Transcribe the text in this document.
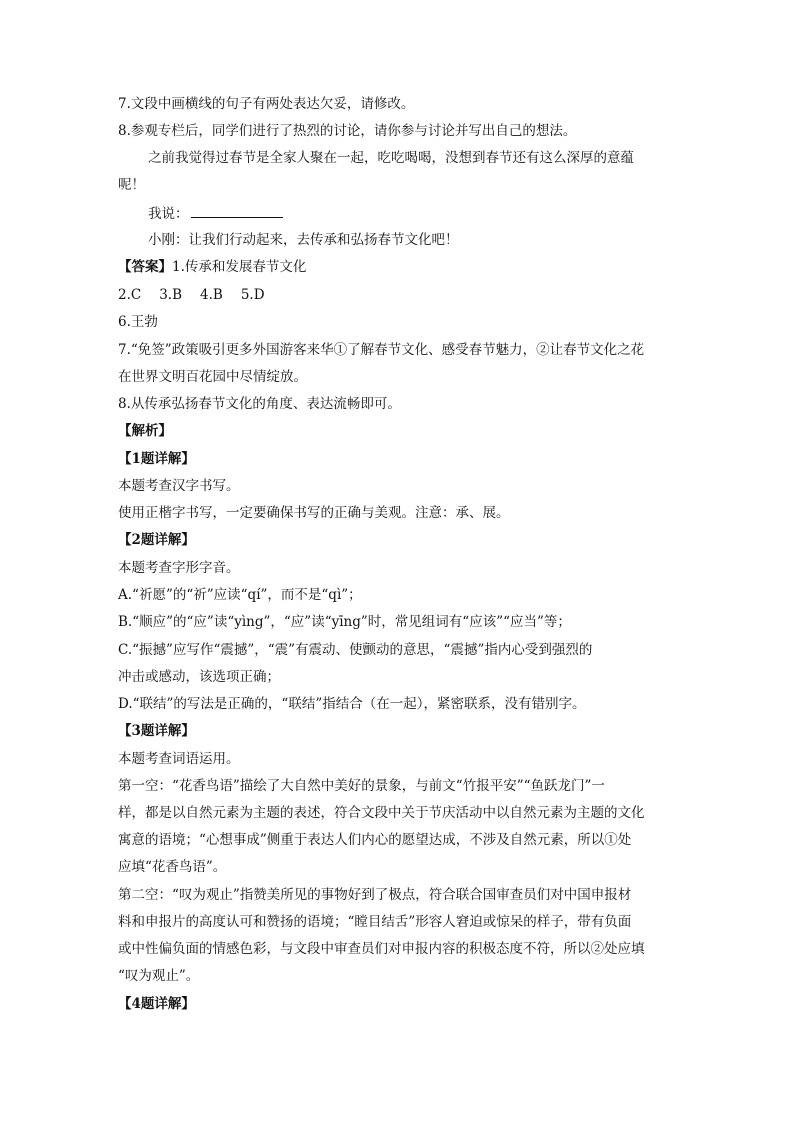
7.文段中画横线的句子有两处表达欠妥，请修改。
8.参观专栏后，同学们进行了热烈的讨论，请你参与讨论并写出自己的想法。
之前我觉得过春节是全家人聚在一起，吃吃喝喝，没想到春节还有这么深厚的意蕴
呢！
我说：
小刚：让我们行动起来，去传承和弘扬春节文化吧！
【答案】1.传承和发展春节文化
2.C 3.B 4.B 5.D
6.王勃
7.“免签”政策吸引更多外国游客来华①了解春节文化、感受春节魅力，②让春节文化之花
在世界文明百花园中尽情绽放。
8.从传承弘扬春节文化的角度、表达流畅即可。
【解析】
【1题详解】
本题考查汉字书写。
使用正楷字书写，一定要确保书写的正确与美观。注意：承、展。
【2题详解】
本题考查字形字音。
A.“祈愿”的“祈”应读“qí”，而不是“qì”；
B.“顺应”的“应”读“yìng”，“应”读“yīng”时，常见组词有“应该”“应当”等；
C.“振撼”应写作“震撼”，“震”有震动、使颤动的意思，“震撼”指内心受到强烈的
冲击或感动，该选项正确；
D.“联结”的写法是正确的，“联结”指结合（在一起），紧密联系，没有错别字。
【3题详解】
本题考查词语运用。
第一空：“花香鸟语”描绘了大自然中美好的景象，与前文“竹报平安”“鱼跃龙门”一
样，都是以自然元素为主题的表述，符合文段中关于节庆活动中以自然元素为主题的文化
寓意的语境；“心想事成”侧重于表达人们内心的愿望达成，不涉及自然元素，所以①处
应填“花香鸟语”。
第二空：“叹为观止”指赞美所见的事物好到了极点，符合联合国审查员们对中国申报材
料和申报片的高度认可和赞扬的语境；“瞠目结舌”形容人窘迫或惊呆的样子，带有负面
或中性偏负面的情感色彩，与文段中审查员们对申报内容的积极态度不符，所以②处应填
“叹为观止”。
【4题详解】
